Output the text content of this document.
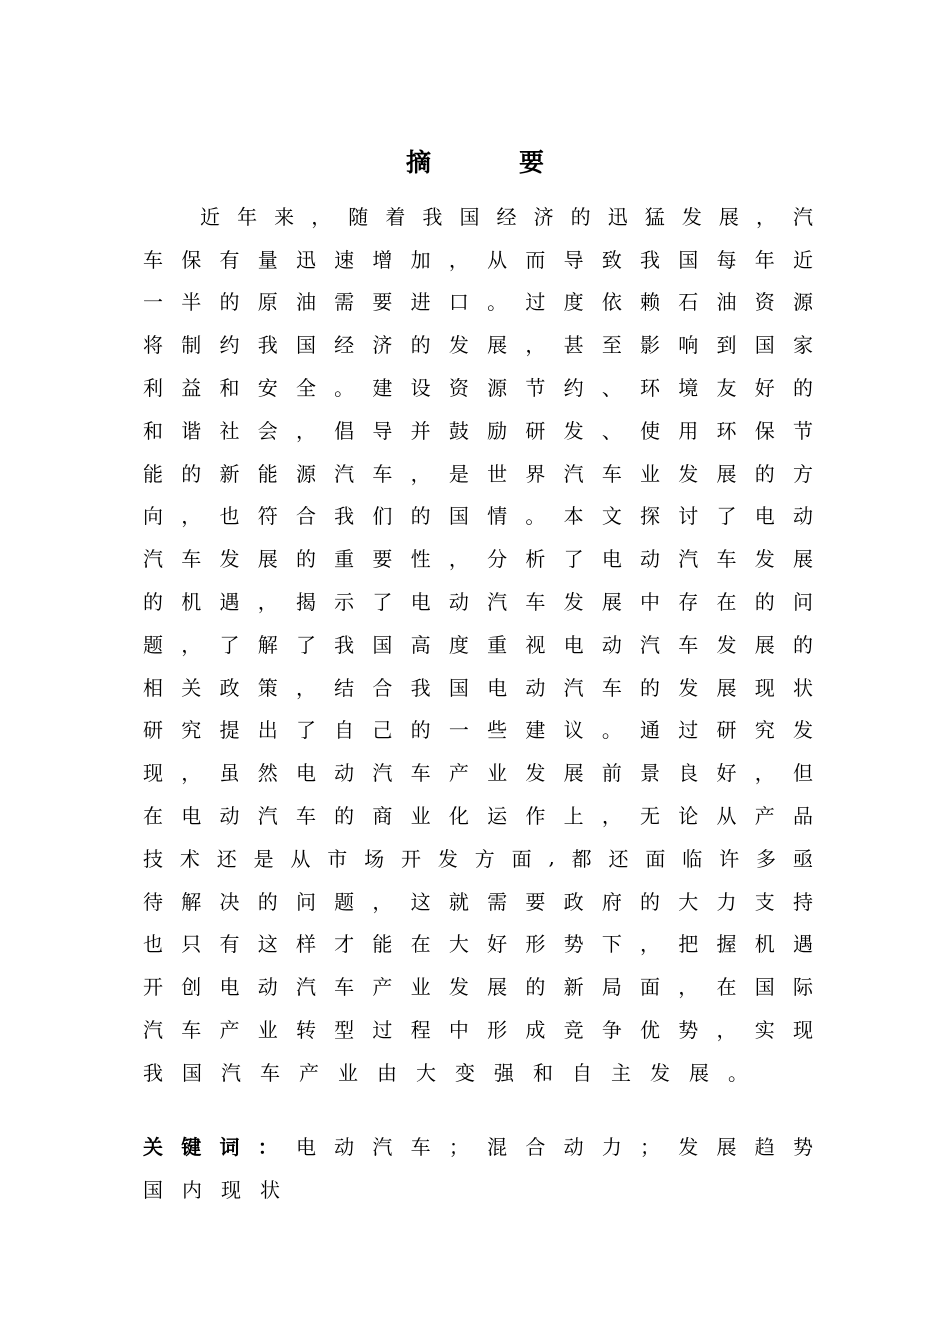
摘	要
近 年 来 ， 随 着 我 国 经 济 的 迅 猛 发 展 ， 汽
车 保 有 量 迅 速 增 加 ， 从 而 导 致 我 国 每 年 近
一 半 的 原 油 需 要 进 口 。 过 度 依 赖 石 油 资 源
将 制 约 我 国 经 济 的 发 展 ， 甚 至 影 响 到 国 家
利 益 和 安 全 。 建 设 资 源 节 约 、 环 境 友 好 的
和 谐 社 会 ， 倡 导 并 鼓 励 研 发 、 使 用 环 保 节
能 的 新 能 源 汽 车 ， 是 世 界 汽 车 业 发 展 的 方
向 ， 也 符 合 我 们 的 国 情 。 本 文 探 讨 了 电 动
汽 车 发 展 的 重 要 性 ， 分 析 了 电 动 汽 车 发 展
的 机 遇 ， 揭 示 了 电 动 汽 车 发 展 中 存 在 的 问
题 ， 了 解 了 我 国 高 度 重 视 电 动 汽 车 发 展 的
相 关 政 策 ， 结 合 我 国 电 动 汽 车 的 发 展 现 状
研 究 提 出 了 自 己 的 一 些 建 议 。 通 过 研 究 发
现 ， 虽 然 电 动 汽 车 产 业 发 展 前 景 良 好 ， 但
在 电 动 汽 车 的 商 业 化 运 作 上 ， 无 论 从 产 品
技 术 还 是 从 市 场 开 发 方 面 , 都 还 面 临 许 多 亟
待 解 决 的 问 题 ， 这 就 需 要 政 府 的 大 力 支 持
也 只 有 这 样 才 能 在 大 好 形 势 下 ， 把 握 机 遇
开 创 电 动 汽 车 产 业 发 展 的 新 局 面 ， 在 国 际
汽 车 产 业 转 型 过 程 中 形 成 竞 争 优 势 ， 实 现
我 国 汽 车 产 业 由 大 变 强 和 自 主 发 展 。
关 键 词 ： 电 动 汽 车 ； 混 合 动 力 ； 发 展 趋 势
国 内 现 状
